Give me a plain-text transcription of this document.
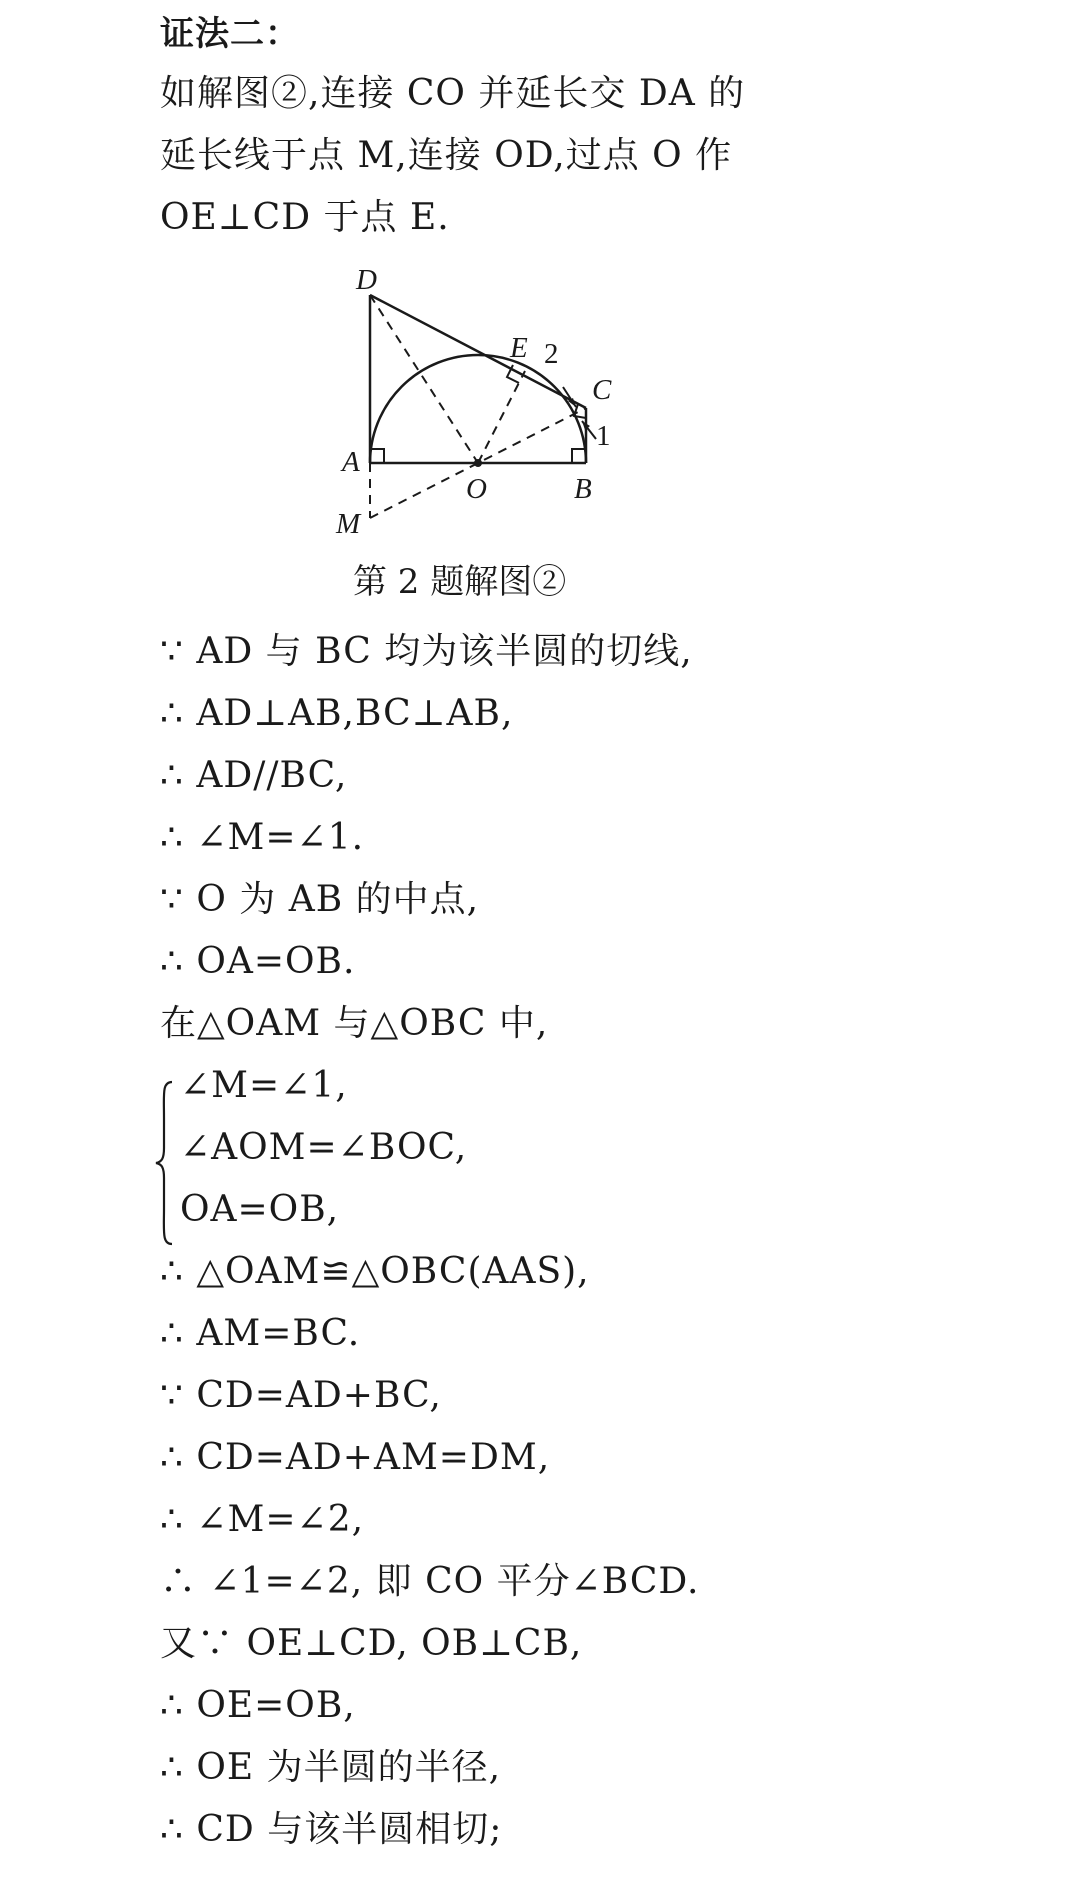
证法二：
如解图②,连接 CO 并延长交 DA 的
延长线于点 M,连接 OD,过点 O 作
OE⊥CD 于点 E.
D
E 2
C
1
A
O	B
M
第 2 题解图②
∵ AD 与 BC 均为该半圆的切线,
∴ AD⊥AB,BC⊥AB,
∴ AD//BC,
∴ ∠M=∠1.
∵ O 为 AB 的中点,
∴ OA=OB.
在△OAM 与△OBC 中,
∠M=∠1,
∠AOM=∠BOC,
OA=OB,
∴ △OAM≌△OBC(AAS),
∴ AM=BC.
∵ CD=AD+BC,
∴ CD=AD+AM=DM,
∴ ∠M=∠2,
∴ ∠1=∠2, 即 CO 平分∠BCD.
又∵ OE⊥CD, OB⊥CB,
∴ OE=OB,
∴ OE 为半圆的半径,
∴ CD 与该半圆相切;
